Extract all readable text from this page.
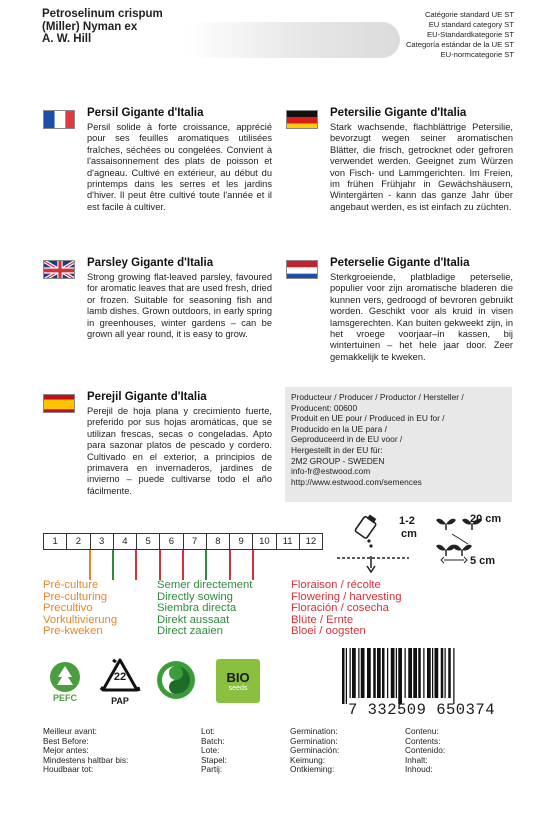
Petroselinum crispum
(Miller) Nyman ex
A. W. Hill
Catégorie standard UE ST
EU standard category ST
EU-Standardkategorie ST
Categoría estándar de la UE ST
EU-normcategorie ST
Persil Gigante d'Italia
Persil solide à forte croissance, apprécié pour ses feuilles aromatiques utilisées fraîches, séchées ou congelées. Convient à l'assaisonnement des plats de poisson et d'agneau. Cultivé en extérieur, au début du printemps dans les serres et les jardins d'hiver. Il peut être cultivé toute l'année et il est facile à cultiver.
Petersilie Gigante d'Italia
Stark wachsende, flachblättrige Petersilie, bevorzugt wegen seiner aromatischen Blätter, die frisch, getrocknet oder gefroren verwendet werden. Geeignet zum Würzen von Fisch- und Lammgerichten. Im Freien, im frühen Frühjahr in Gewächshäusern, Wintergärten - kann das ganze Jahr über angebaut werden, es ist einfach zu züchten.
Parsley Gigante d'Italia
Strong growing flat-leaved parsley, favoured for aromatic leaves that are used fresh, dried or frozen. Suitable for seasoning fish and lamb dishes. Grown outdoors, in early spring in greenhouses, winter gardens – can be grown all year round, it is easy to grow.
Peterselie Gigante d'Italia
Sterkgroeiende, platbladige peterselie, populier voor zijn aromatische bladeren die kunnen vers, gedroogd of bevroren gebruikt worden. Geschikt voor als kruid in visen lamsgerechten. Kan buiten gekweekt zijn, in het vroege voorjaar–in kassen, bij wintertuinen – het hele jaar door. Zeer gemakkelijk te kweken.
Perejil Gigante d'Italia
Perejil de hoja plana y crecimiento fuerte, preferido por sus hojas aromáticas, que se utilizan frescas, secas o congeladas. Apto para sazonar platos de pescado y cordero. Cultivado en el exterior, a principios de primavera en invernaderos, jardines de invierno – puede cultivarse todo el año fácilmente.
Producteur / Producer / Productor / Hersteller /
Producent: 00600
Produit en UE pour / Produced in EU for /
Producido en la UE para /
Geproduceerd in de EU voor /
Hergestellt in der EU für:
2M2 GROUP - SWEDEN
info-fr@estwood.com
http://www.estwood.com/semences
1	2	3	4	5	6	7	8	9	10	11	12
1-2
cm
20 cm
5 cm
Pré-culture
Pre-culturing
Precultivo
Vorkultivierung
Pre-kweken
Semer directement
Directly sowing
Siembra directa
Direkt aussaat
Direct zaaien
Floraison / récolte
Flowering / harvesting
Floración / cosecha
Blüte / Ernte
Bloei / oogsten
PEFC
22
PAP
BIO
seeds
7 332509 650374
Meilleur avant:
Best Before:
Mejor antes:
Mindestens haltbar bis:
Houdbaar tot:
Lot:
Batch:
Lote:
Stapel:
Partij:
Germination:
Germination:
Germinación:
Keimung:
Ontkieming:
Contenu:
Contents:
Contenido:
Inhalt:
Inhoud:
